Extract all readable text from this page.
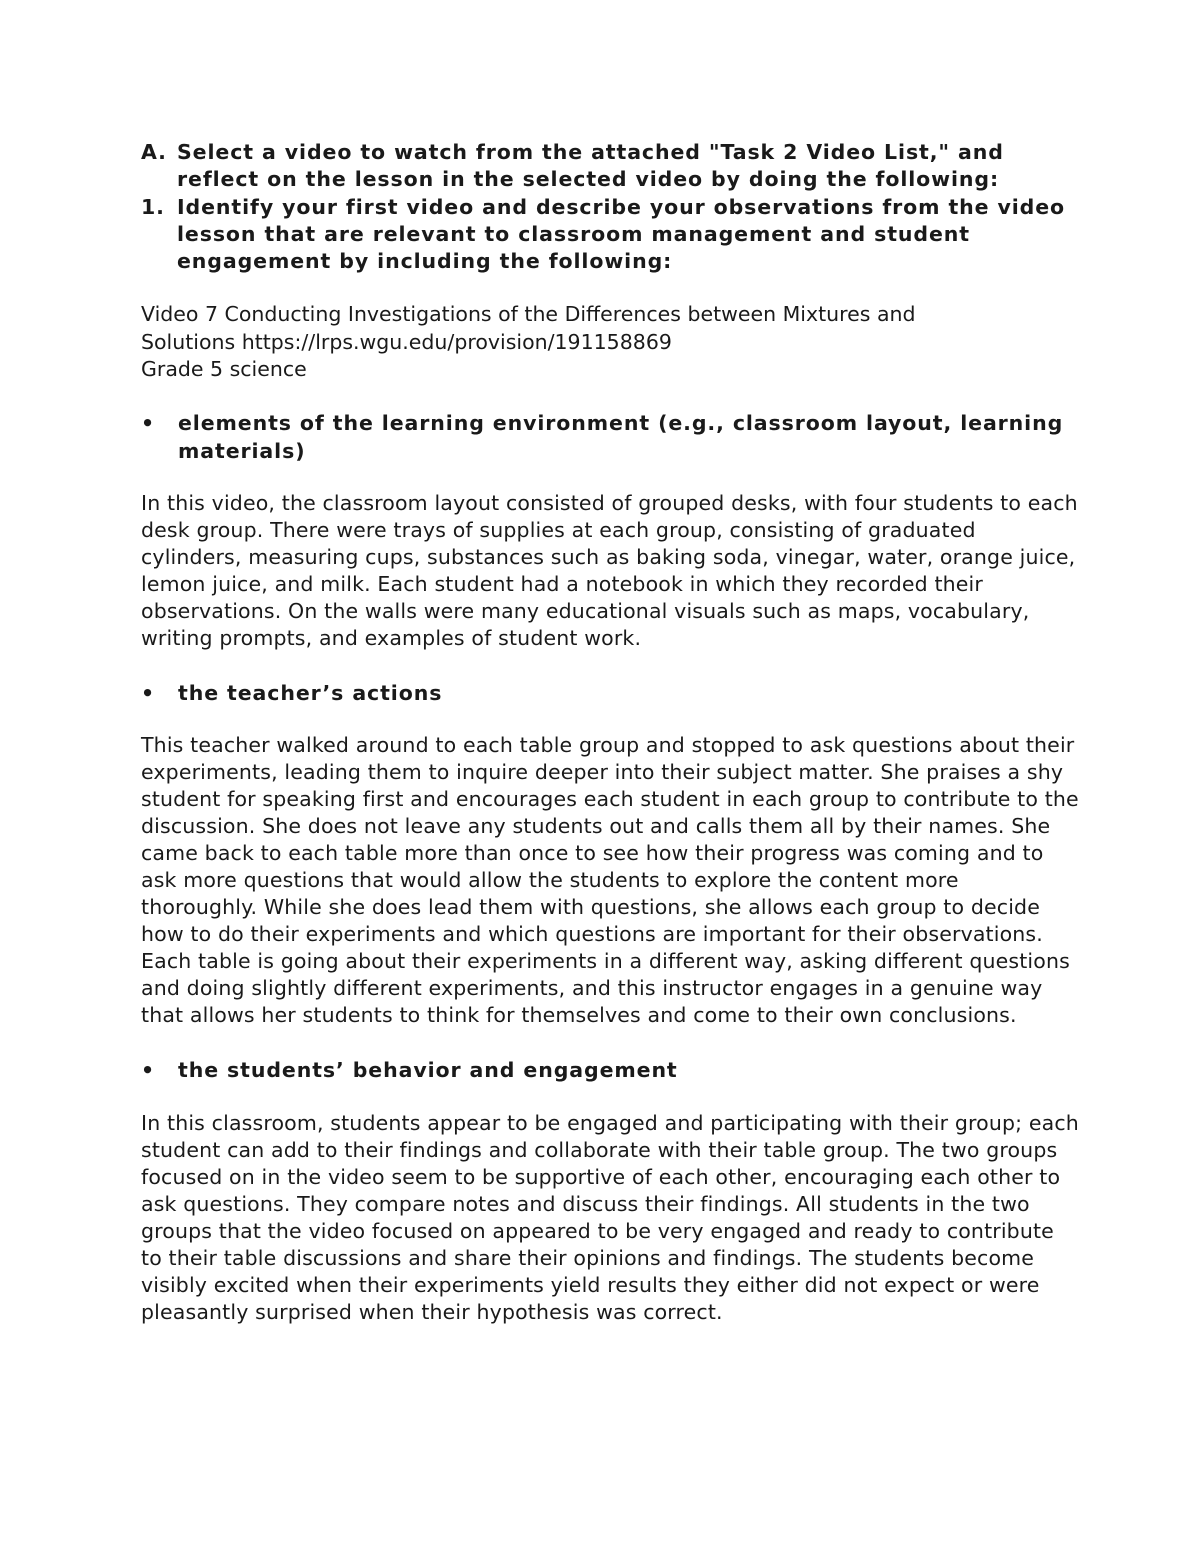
A. Select a video to watch from the attached "Task 2 Video List," and reflect on the lesson in the selected video by doing the following:
1. Identify your first video and describe your observations from the video lesson that are relevant to classroom management and student engagement by including the following:
Video 7 Conducting Investigations of the Differences between Mixtures and
Solutions https://lrps.wgu.edu/provision/191158869
Grade 5 science
•	elements of the learning environment (e.g., classroom layout, learning materials)
In this video, the classroom layout consisted of grouped desks, with four students to each desk group. There were trays of supplies at each group, consisting of graduated cylinders, measuring cups, substances such as baking soda, vinegar, water, orange juice, lemon juice, and milk. Each student had a notebook in which they recorded their observations. On the walls were many educational visuals such as maps, vocabulary, writing prompts, and examples of student work.
•	the teacher’s actions
This teacher walked around to each table group and stopped to ask questions about their experiments, leading them to inquire deeper into their subject matter. She praises a shy student for speaking first and encourages each student in each group to contribute to the discussion. She does not leave any students out and calls them all by their names. She came back to each table more than once to see how their progress was coming and to ask more questions that would allow the students to explore the content more thoroughly. While she does lead them with questions, she allows each group to decide how to do their experiments and which questions are important for their observations. Each table is going about their experiments in a different way, asking different questions and doing slightly different experiments, and this instructor engages in a genuine way that allows her students to think for themselves and come to their own conclusions.
•	the students’ behavior and engagement
In this classroom, students appear to be engaged and participating with their group; each student can add to their findings and collaborate with their table group. The two groups focused on in the video seem to be supportive of each other, encouraging each other to ask questions. They compare notes and discuss their findings. All students in the two groups that the video focused on appeared to be very engaged and ready to contribute to their table discussions and share their opinions and findings. The students become visibly excited when their experiments yield results they either did not expect or were pleasantly surprised when their hypothesis was correct.
